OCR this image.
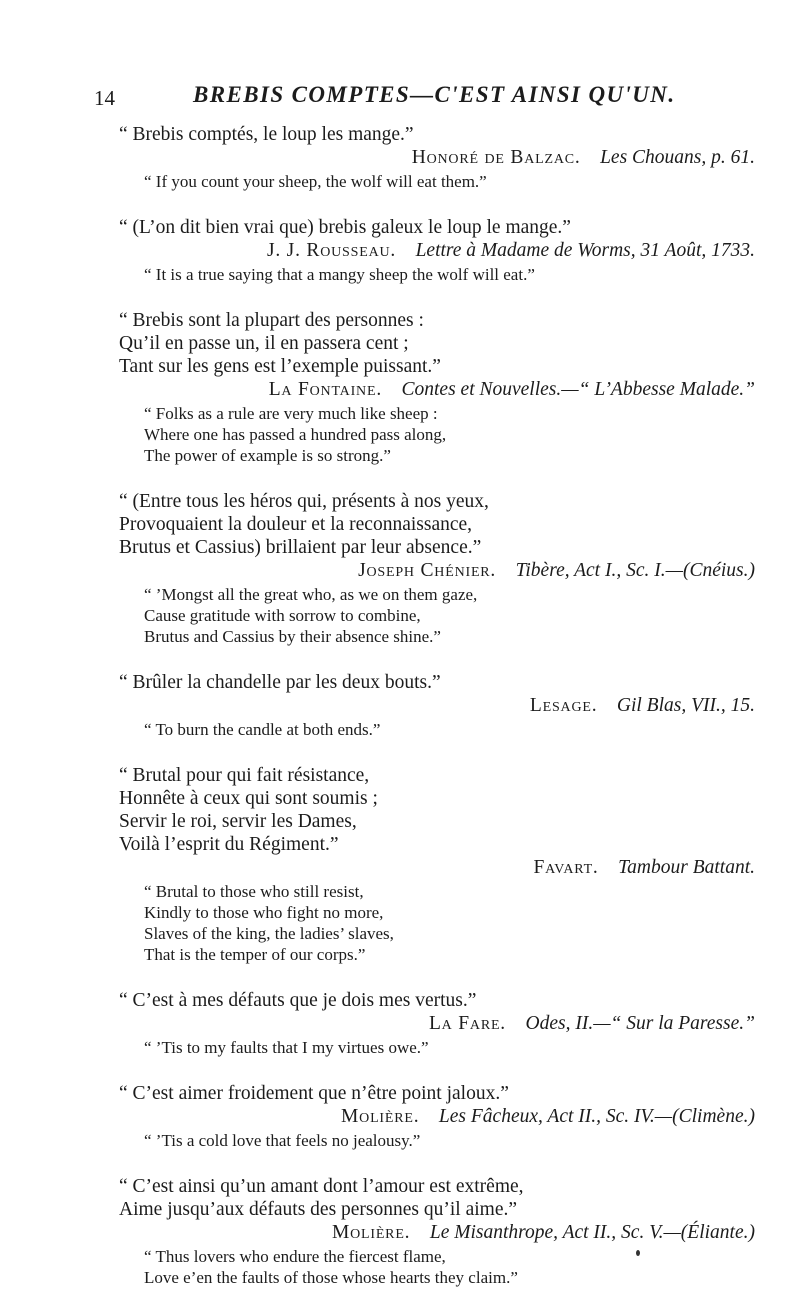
14	BREBIS COMPTES—C'EST AINSI QU'UN.
“ Brebis comptés, le loup les mange.”
Honoré de Balzac.  Les Chouans, p. 61.
“ If you count your sheep, the wolf will eat them.”
“ (L’on dit bien vrai que) brebis galeux le loup le mange.”
J. J. Rousseau.  Lettre à Madame de Worms, 31 Août, 1733.
“ It is a true saying that a mangy sheep the wolf will eat.”
“ Brebis sont la plupart des personnes :
Qu’il en passe un, il en passera cent ;
Tant sur les gens est l’exemple puissant.”
La Fontaine.  Contes et Nouvelles.—“ L’Abbesse Malade.”
“ Folks as a rule are very much like sheep :
Where one has passed a hundred pass along,
The power of example is so strong.”
“ (Entre tous les héros qui, présents à nos yeux,
Provoquaient la douleur et la reconnaissance,
Brutus et Cassius) brillaient par leur absence.”
Joseph Chénier.  Tibère, Act I., Sc. I.—(Cnéius.)
“ ’Mongst all the great who, as we on them gaze,
Cause gratitude with sorrow to combine,
Brutus and Cassius by their absence shine.”
“ Brûler la chandelle par les deux bouts.”
Lesage.  Gil Blas, VII., 15.
“ To burn the candle at both ends.”
“ Brutal pour qui fait résistance,
Honnête à ceux qui sont soumis ;
Servir le roi, servir les Dames,
Voilà l’esprit du Régiment.”
Favart.  Tambour Battant.
“ Brutal to those who still resist,
Kindly to those who fight no more,
Slaves of the king, the ladies’ slaves,
That is the temper of our corps.”
“ C’est à mes défauts que je dois mes vertus.”
La Fare.  Odes, II.—“ Sur la Paresse.”
“ ’Tis to my faults that I my virtues owe.”
“ C’est aimer froidement que n’être point jaloux.”
Molière.  Les Fâcheux, Act II., Sc. IV.—(Climène.)
“ ’Tis a cold love that feels no jealousy.”
“ C’est ainsi qu’un amant dont l’amour est extrême,
Aime jusqu’aux défauts des personnes qu’il aime.”
Molière.  Le Misanthrope, Act II., Sc. V.—(Éliante.)
“ Thus lovers who endure the fiercest flame,
Love e’en the faults of those whose hearts they claim.”
